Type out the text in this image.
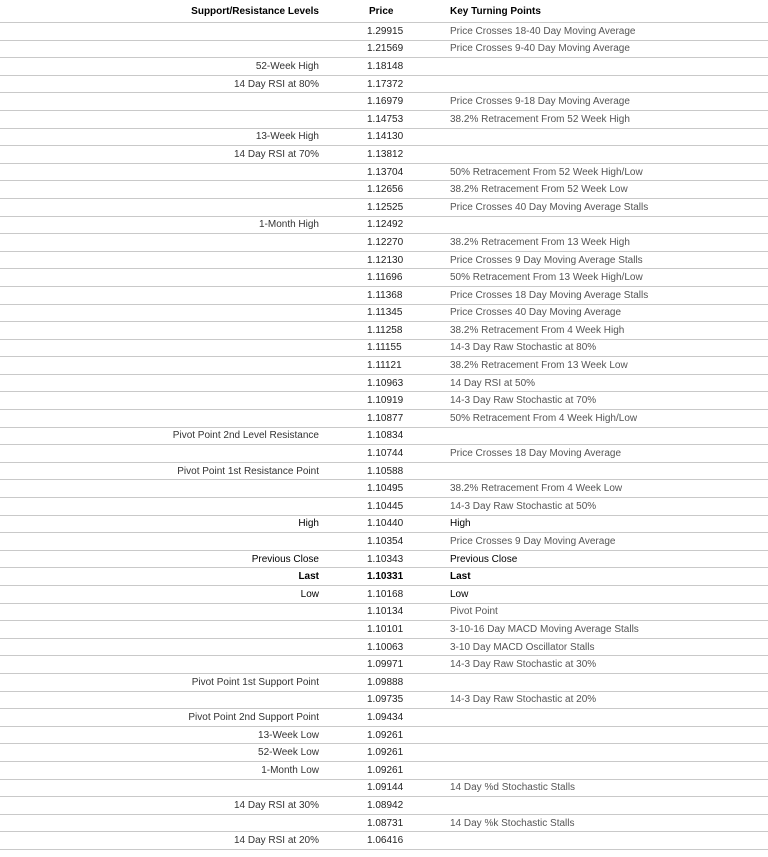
Support/Resistance Levels		Price	Key Turning Points
		1.29915	Price Crosses 18-40 Day Moving Average
		1.21569	Price Crosses 9-40 Day Moving Average
52-Week High		1.18148	
14 Day RSI at 80%		1.17372	
		1.16979	Price Crosses 9-18 Day Moving Average
		1.14753	38.2% Retracement From 52 Week High
13-Week High		1.14130	
14 Day RSI at 70%		1.13812	
		1.13704	50% Retracement From 52 Week High/Low
		1.12656	38.2% Retracement From 52 Week Low
		1.12525	Price Crosses 40 Day Moving Average Stalls
1-Month High		1.12492	
		1.12270	38.2% Retracement From 13 Week High
		1.12130	Price Crosses 9 Day Moving Average Stalls
		1.11696	50% Retracement From 13 Week High/Low
		1.11368	Price Crosses 18 Day Moving Average Stalls
		1.11345	Price Crosses 40 Day Moving Average
		1.11258	38.2% Retracement From 4 Week High
		1.11155	14-3 Day Raw Stochastic at 80%
		1.11121	38.2% Retracement From 13 Week Low
		1.10963	14 Day RSI at 50%
		1.10919	14-3 Day Raw Stochastic at 70%
		1.10877	50% Retracement From 4 Week High/Low
Pivot Point 2nd Level Resistance		1.10834	
		1.10744	Price Crosses 18 Day Moving Average
Pivot Point 1st Resistance Point		1.10588	
		1.10495	38.2% Retracement From 4 Week Low
		1.10445	14-3 Day Raw Stochastic at 50%
High		1.10440	High
		1.10354	Price Crosses 9 Day Moving Average
Previous Close		1.10343	Previous Close
Last		1.10331	Last
Low		1.10168	Low
		1.10134	Pivot Point
		1.10101	3-10-16 Day MACD Moving Average Stalls
		1.10063	3-10 Day MACD Oscillator Stalls
		1.09971	14-3 Day Raw Stochastic at 30%
Pivot Point 1st Support Point		1.09888	
		1.09735	14-3 Day Raw Stochastic at 20%
Pivot Point 2nd Support Point		1.09434	
13-Week Low		1.09261	
52-Week Low		1.09261	
1-Month Low		1.09261	
		1.09144	14 Day %d Stochastic Stalls
14 Day RSI at 30%		1.08942	
		1.08731	14 Day %k Stochastic Stalls
14 Day RSI at 20%		1.06416	
